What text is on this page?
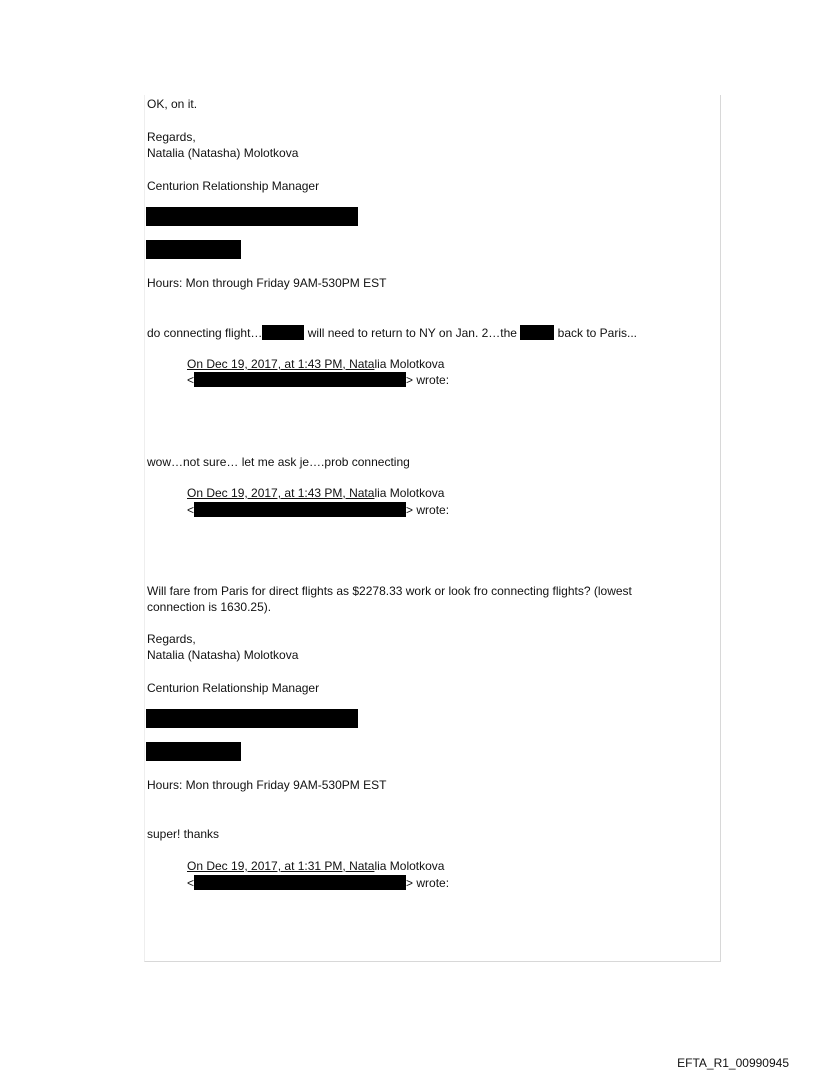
OK, on it.
Regards,
Natalia (Natasha) Molotkova
Centurion Relationship Manager
Hours: Mon through Friday 9AM-530PM EST
do connecting flight…	will need to return to NY on Jan. 2…the	back to Paris...
On Dec 19, 2017, at 1:43 PM, Natalia Molotkova
<	> wrote:
wow…not sure… let me ask je….prob connecting
On Dec 19, 2017, at 1:43 PM, Natalia Molotkova
<	> wrote:
Will fare from Paris for direct flights as $2278.33 work or look fro connecting flights? (lowest
connection is 1630.25).
Regards,
Natalia (Natasha) Molotkova
Centurion Relationship Manager
Hours: Mon through Friday 9AM-530PM EST
super! thanks
On Dec 19, 2017, at 1:31 PM, Natalia Molotkova
<	> wrote:
EFTA_R1_00990945
